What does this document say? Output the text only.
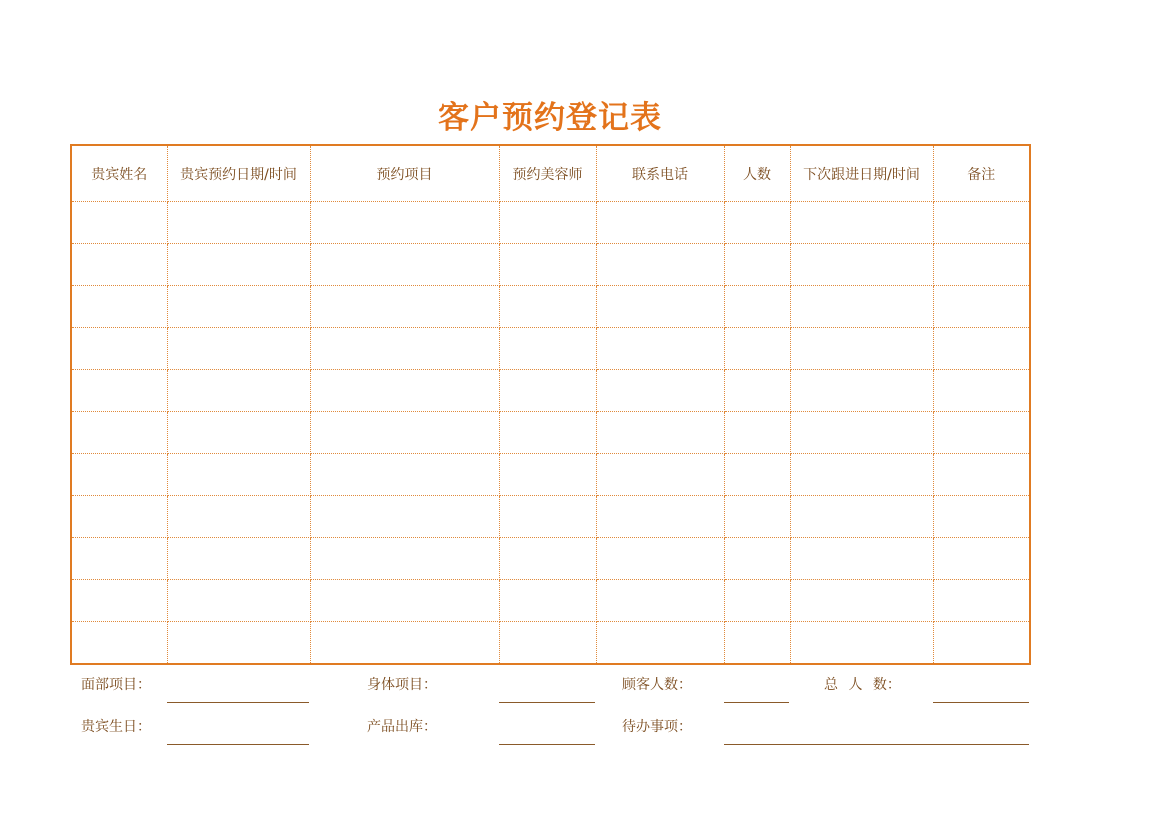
客户预约登记表
贵宾姓名	贵宾预约日期/时间	预约项目	预约美容师	联系电话	人数	下次跟进日期/时间	备注

面部项目：	身体项目：	顾客人数：	总 人 数：
贵宾生日：	产品出库：	待办事项：
